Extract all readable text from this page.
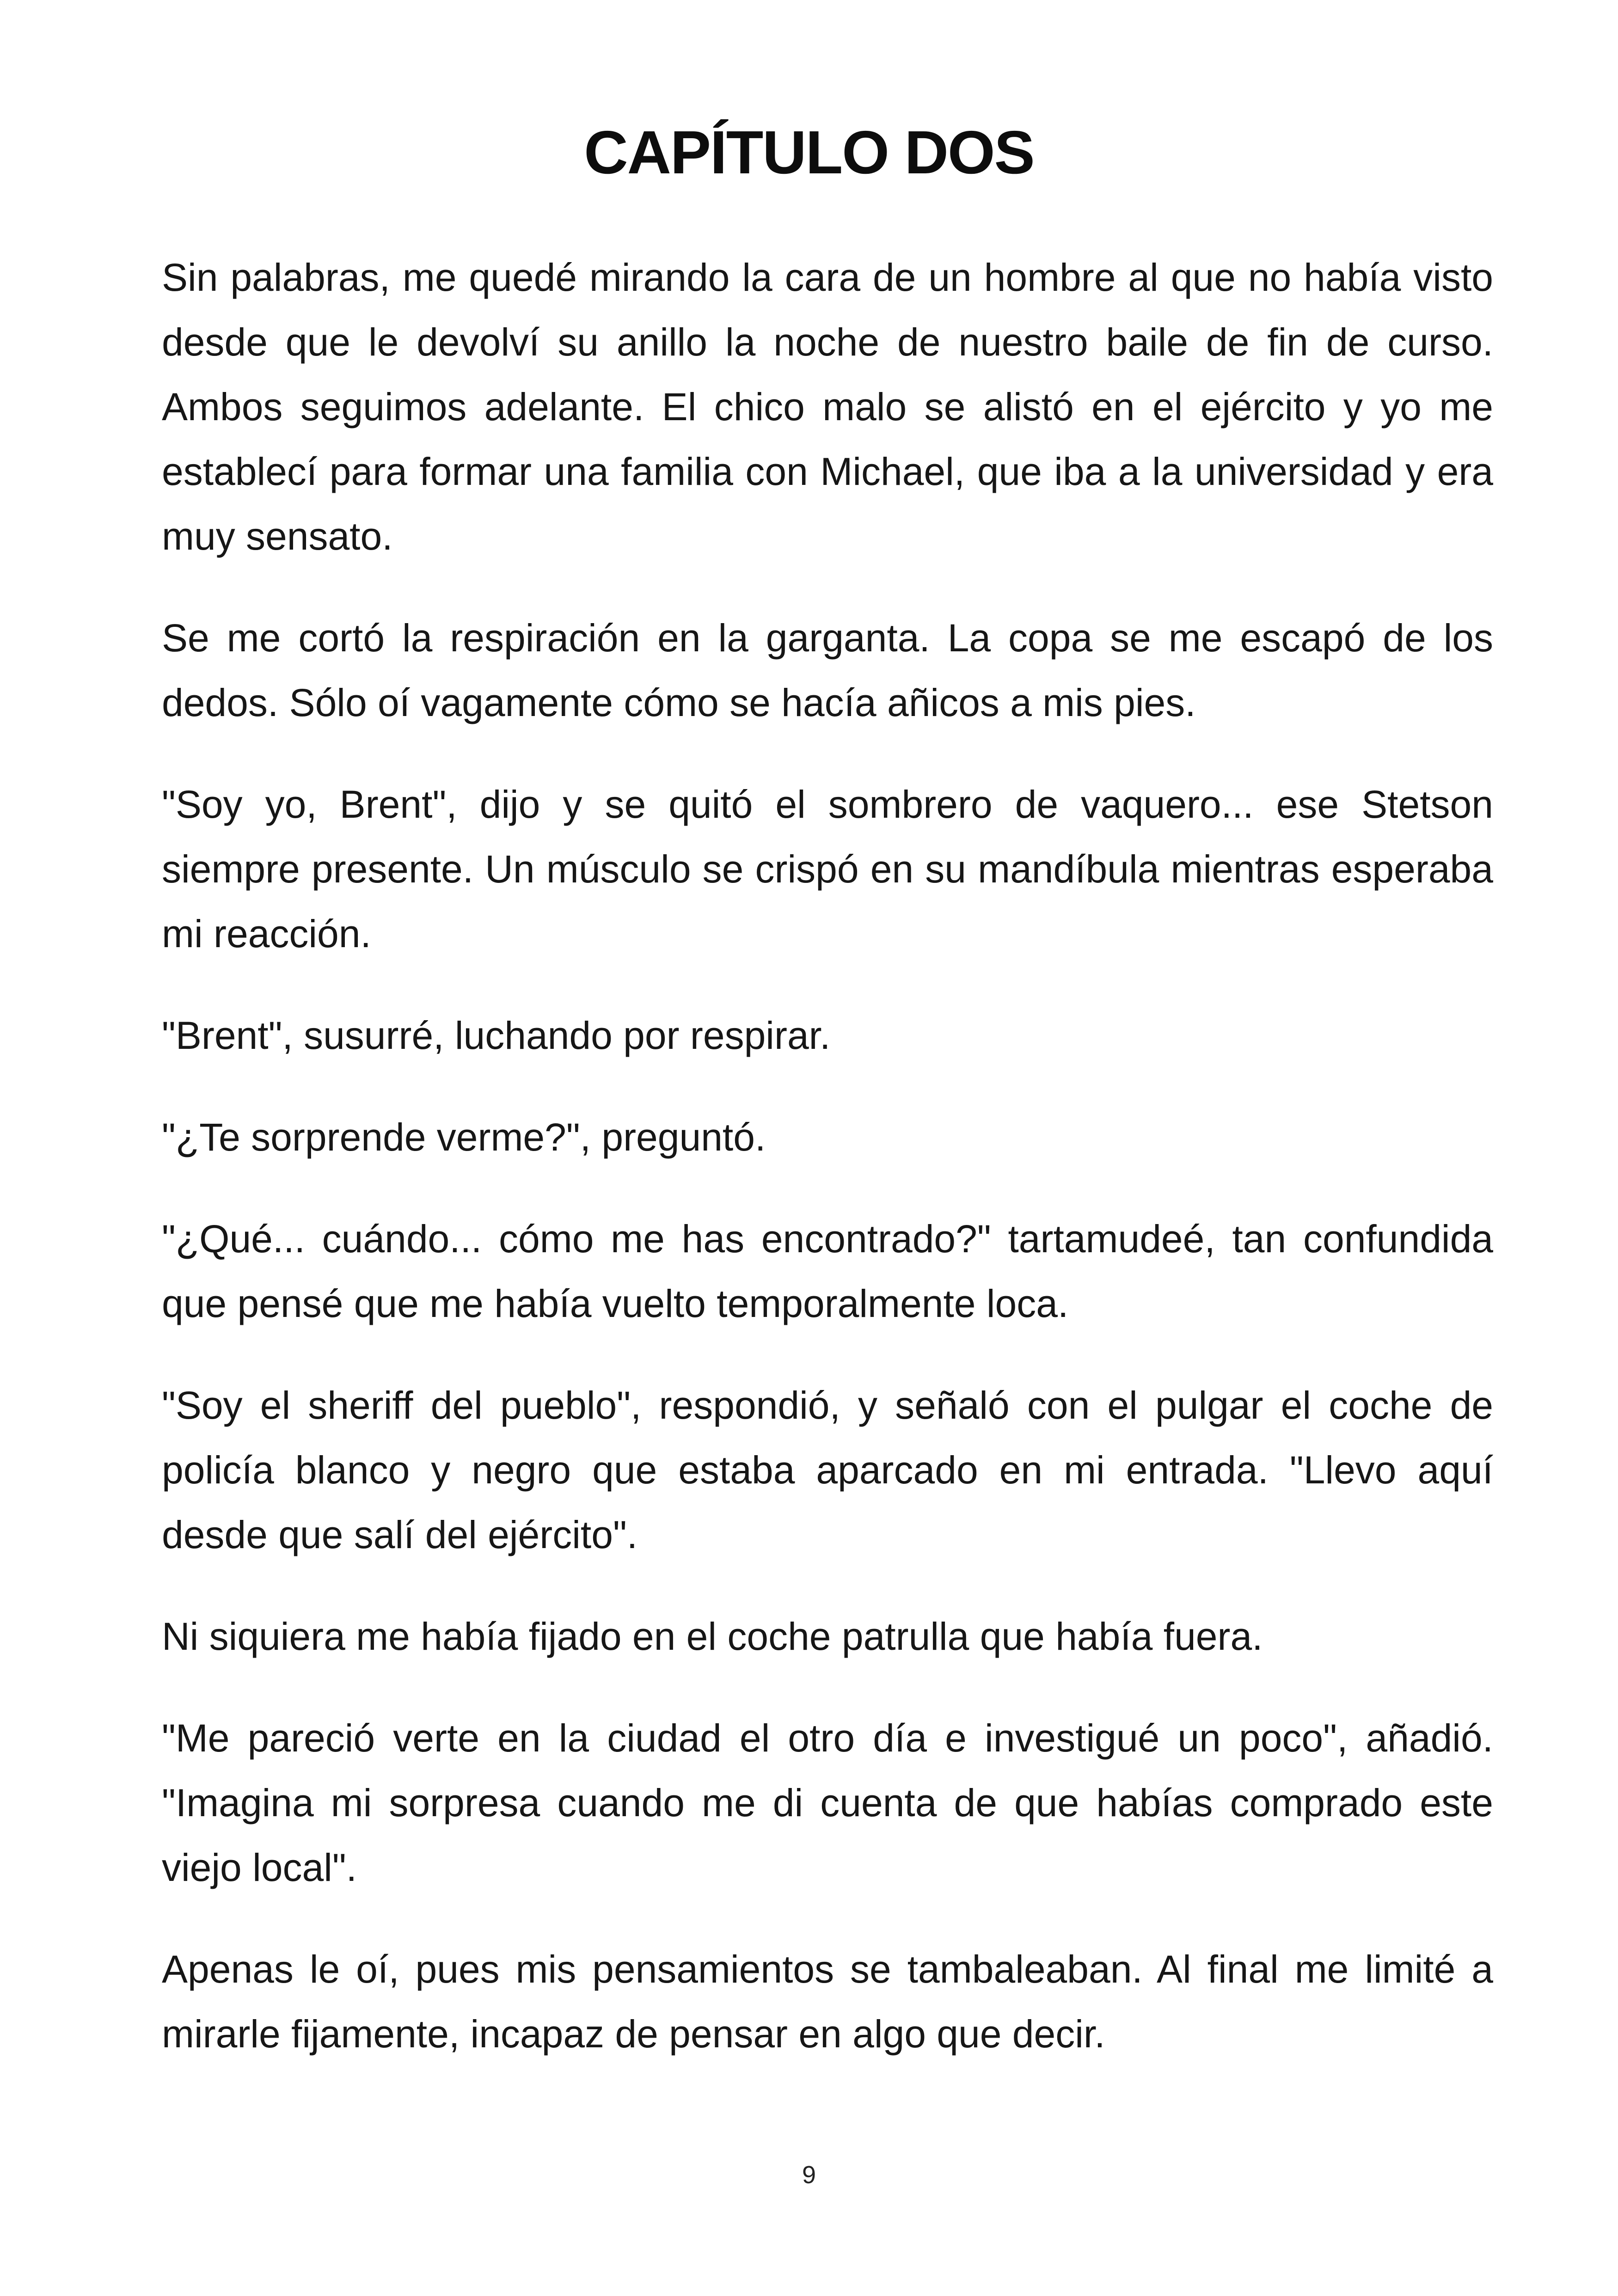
CAPÍTULO DOS

Sin palabras, me quedé mirando la cara de un hombre al que no había visto desde que le devolví su anillo la noche de nuestro baile de fin de curso. Ambos seguimos adelante. El chico malo se alistó en el ejército y yo me establecí para formar una familia con Michael, que iba a la universidad y era muy sensato.

Se me cortó la respiración en la garganta. La copa se me escapó de los dedos. Sólo oí vagamente cómo se hacía añicos a mis pies.

"Soy yo, Brent", dijo y se quitó el sombrero de vaquero... ese Stetson siempre presente. Un músculo se crispó en su mandíbula mientras esperaba mi reacción.

"Brent", susurré, luchando por respirar.

"¿Te sorprende verme?", preguntó.

"¿Qué... cuándo... cómo me has encontrado?" tartamudeé, tan confundida que pensé que me había vuelto temporalmente loca.

"Soy el sheriff del pueblo", respondió, y señaló con el pulgar el coche de policía blanco y negro que estaba aparcado en mi entrada. "Llevo aquí desde que salí del ejército".

Ni siquiera me había fijado en el coche patrulla que había fuera.

"Me pareció verte en la ciudad el otro día e investigué un poco", añadió. "Imagina mi sorpresa cuando me di cuenta de que habías comprado este viejo local".

Apenas le oí, pues mis pensamientos se tambaleaban. Al final me limité a mirarle fijamente, incapaz de pensar en algo que decir.

9
